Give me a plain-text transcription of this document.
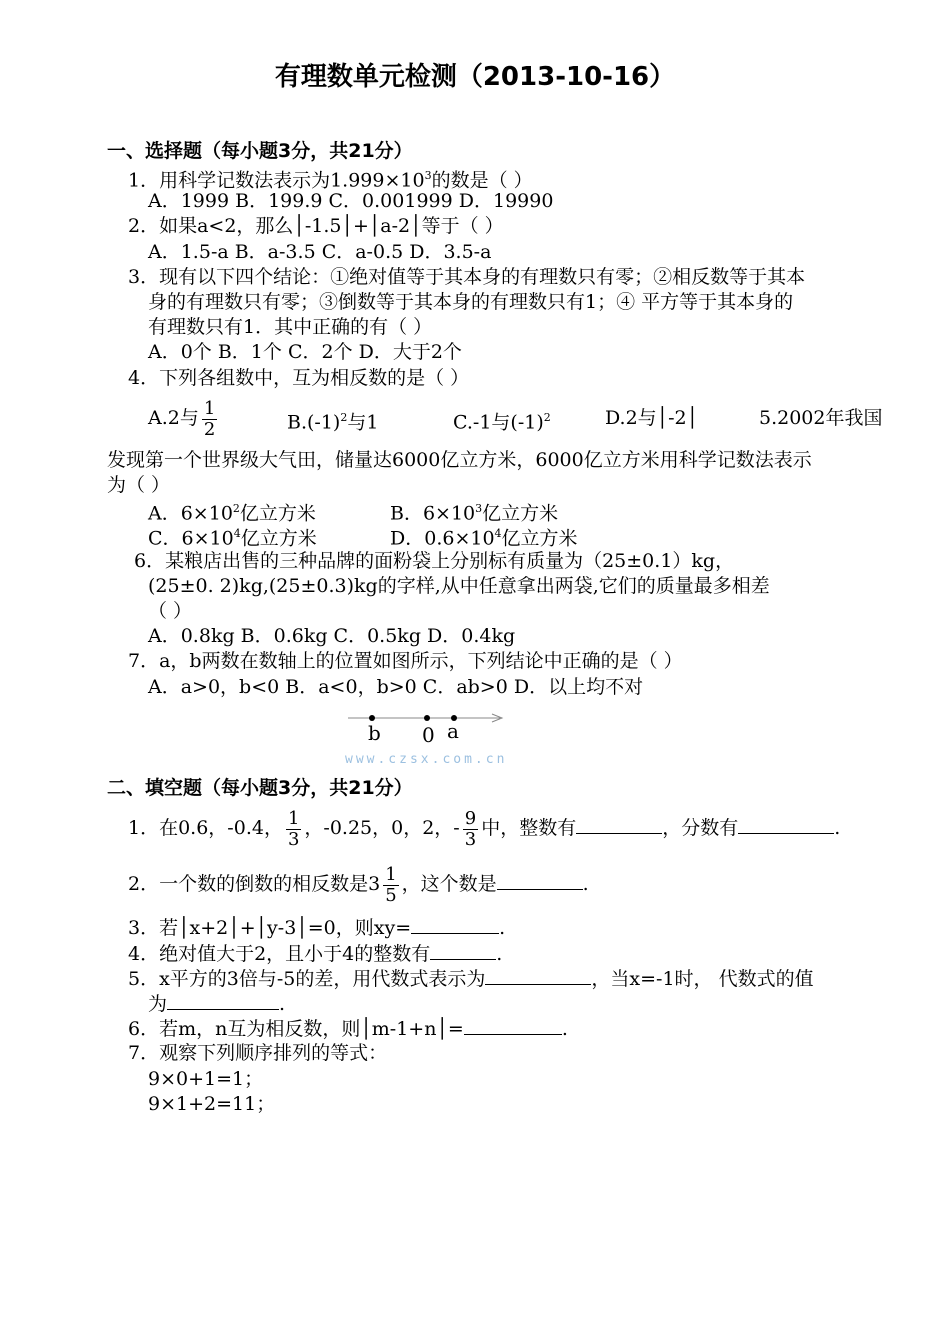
有理数单元检测（2013-10-16）
一、选择题（每小题3分，共21分）
1．用科学记数法表示为$1.999\times 10^3$的数是（ ）
A．1999 B．199.9 C．0.001999 D．19990
2．如果a<2，那么│-1.5│+│a-2│等于（ ）
A．1.5-a B．a-3.5 C．a-0.5 D．3.5-a
3．现有以下四个结论：①绝对值等于其本身的有理数只有零；②相反数等于其本
身的有理数只有零；③倒数等于其本身的有理数只有1；④ 平方等于其本身的
有理数只有1．其中正确的有（ ）
A．0个 B．1个 C．2个 D．大于2个
4．下列各组数中，互为相反数的是（ ）
A.2与 $\frac{1}{2}$	$B.(-1)^2$与1	C.-1与$(-1)^2$	D.2与│-2│	5.2002年我国
发现第一个世界级大气田，储量达6000亿立方米，6000亿立方米用科学记数法表示
为（ ）
A．$6\times 10^2$亿立方米	B．$6\times 10^3$亿立方米
C．$6\times 10^4$亿立方米	D．$0.6\times 10^4$亿立方米
6．某粮店出售的三种品牌的面粉袋上分别标有质量为（25±0.1）kg，
(25±0. 2)kg,(25±0.3)kg的字样,从中任意拿出两袋,它们的质量最多相差
（ ）
A．0.8kg B．0.6kg C．0.5kg D．0.4kg
7．a，b两数在数轴上的位置如图所示，下列结论中正确的是（ ）
A．a>0，b<0 B．a<0，b>0 C．ab>0 D．以上均不对
b 0 a
www.czsx.com.cn
二、填空题（每小题3分，共21分）
1．在0.6，-0.4， $\frac{1}{3}$ ，-0.25，0，2，- $\frac{9}{3}$ 中，整数有	，分数有	.
2．一个数的倒数的相反数是$3 \frac{1}{5}$ ，这个数是	.
3．若│x+2│+│y-3│=0，则xy=	.
4．绝对值大于2，且小于4的整数有	.
5．x平方的3倍与-5的差，用代数式表示为	，当x=-1时， 代数式的值
为	.
6．若m，n互为相反数，则│m-1+n│=	.
7．观察下列顺序排列的等式：
9×0+1=1；
9×1+2=11；
